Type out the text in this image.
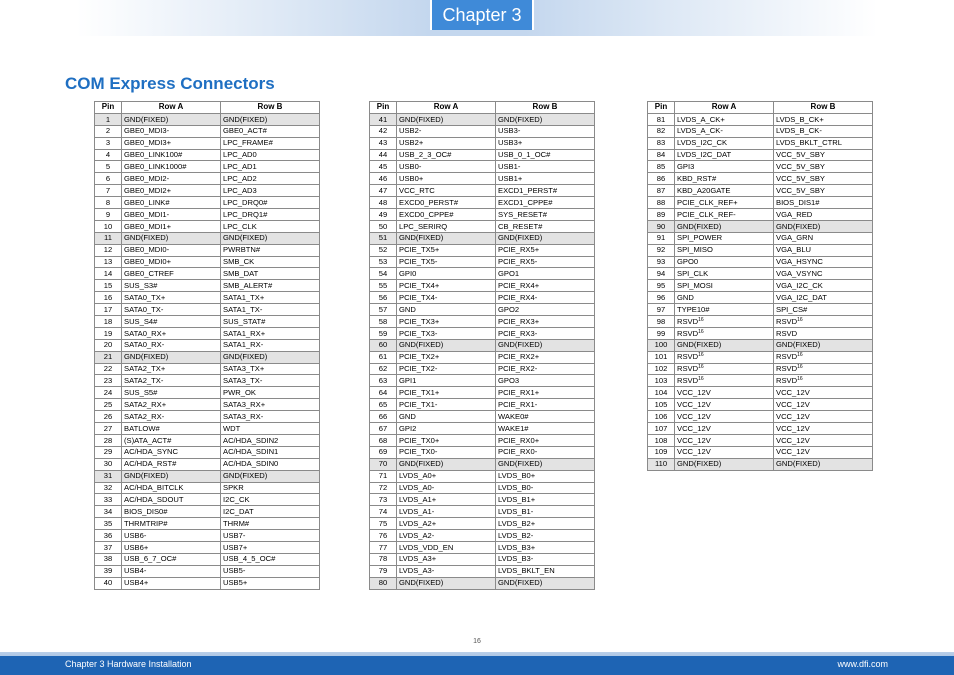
Chapter 3
COM Express Connectors
Pin	Row A	Row B
1	GND(FIXED)	GND(FIXED)
2	GBE0_MDI3-	GBE0_ACT#
3	GBE0_MDI3+	LPC_FRAME#
4	GBE0_LINK100#	LPC_AD0
5	GBE0_LINK1000#	LPC_AD1
6	GBE0_MDI2-	LPC_AD2
7	GBE0_MDI2+	LPC_AD3
8	GBE0_LINK#	LPC_DRQ0#
9	GBE0_MDI1-	LPC_DRQ1#
10	GBE0_MDI1+	LPC_CLK
11	GND(FIXED)	GND(FIXED)
12	GBE0_MDI0-	PWRBTN#
13	GBE0_MDI0+	SMB_CK
14	GBE0_CTREF	SMB_DAT
15	SUS_S3#	SMB_ALERT#
16	SATA0_TX+	SATA1_TX+
17	SATA0_TX-	SATA1_TX-
18	SUS_S4#	SUS_STAT#
19	SATA0_RX+	SATA1_RX+
20	SATA0_RX-	SATA1_RX-
21	GND(FIXED)	GND(FIXED)
22	SATA2_TX+	SATA3_TX+
23	SATA2_TX-	SATA3_TX-
24	SUS_S5#	PWR_OK
25	SATA2_RX+	SATA3_RX+
26	SATA2_RX-	SATA3_RX-
27	BATLOW#	WDT
28	(S)ATA_ACT#	AC/HDA_SDIN2
29	AC/HDA_SYNC	AC/HDA_SDIN1
30	AC/HDA_RST#	AC/HDA_SDIN0
31	GND(FIXED)	GND(FIXED)
32	AC/HDA_BITCLK	SPKR
33	AC/HDA_SDOUT	I2C_CK
34	BIOS_DIS0#	I2C_DAT
35	THRMTRIP#	THRM#
36	USB6-	USB7-
37	USB6+	USB7+
38	USB_6_7_OC#	USB_4_5_OC#
39	USB4-	USB5-
40	USB4+	USB5+
Pin	Row A	Row B
41	GND(FIXED)	GND(FIXED)
42	USB2-	USB3-
43	USB2+	USB3+
44	USB_2_3_OC#	USB_0_1_OC#
45	USB0-	USB1-
46	USB0+	USB1+
47	VCC_RTC	EXCD1_PERST#
48	EXCD0_PERST#	EXCD1_CPPE#
49	EXCD0_CPPE#	SYS_RESET#
50	LPC_SERIRQ	CB_RESET#
51	GND(FIXED)	GND(FIXED)
52	PCIE_TX5+	PCIE_RX5+
53	PCIE_TX5-	PCIE_RX5-
54	GPI0	GPO1
55	PCIE_TX4+	PCIE_RX4+
56	PCIE_TX4-	PCIE_RX4-
57	GND	GPO2
58	PCIE_TX3+	PCIE_RX3+
59	PCIE_TX3-	PCIE_RX3-
60	GND(FIXED)	GND(FIXED)
61	PCIE_TX2+	PCIE_RX2+
62	PCIE_TX2-	PCIE_RX2-
63	GPI1	GPO3
64	PCIE_TX1+	PCIE_RX1+
65	PCIE_TX1-	PCIE_RX1-
66	GND	WAKE0#
67	GPI2	WAKE1#
68	PCIE_TX0+	PCIE_RX0+
69	PCIE_TX0-	PCIE_RX0-
70	GND(FIXED)	GND(FIXED)
71	LVDS_A0+	LVDS_B0+
72	LVDS_A0-	LVDS_B0-
73	LVDS_A1+	LVDS_B1+
74	LVDS_A1-	LVDS_B1-
75	LVDS_A2+	LVDS_B2+
76	LVDS_A2-	LVDS_B2-
77	LVDS_VDD_EN	LVDS_B3+
78	LVDS_A3+	LVDS_B3-
79	LVDS_A3-	LVDS_BKLT_EN
80	GND(FIXED)	GND(FIXED)
Pin	Row A	Row B
81	LVDS_A_CK+	LVDS_B_CK+
82	LVDS_A_CK-	LVDS_B_CK-
83	LVDS_I2C_CK	LVDS_BKLT_CTRL
84	LVDS_I2C_DAT	VCC_5V_SBY
85	GPI3	VCC_5V_SBY
86	KBD_RST#	VCC_5V_SBY
87	KBD_A20GATE	VCC_5V_SBY
88	PCIE_CLK_REF+	BIOS_DIS1#
89	PCIE_CLK_REF-	VGA_RED
90	GND(FIXED)	GND(FIXED)
91	SPI_POWER	VGA_GRN
92	SPI_MISO	VGA_BLU
93	GPO0	VGA_HSYNC
94	SPI_CLK	VGA_VSYNC
95	SPI_MOSI	VGA_I2C_CK
96	GND	VGA_I2C_DAT
97	TYPE10#	SPI_CS#
98	RSVD$^{16}$	RSVD$^{16}$
99	RSVD$^{16}$	RSVD
100	GND(FIXED)	GND(FIXED)
101	RSVD$^{16}$	RSVD$^{16}$
102	RSVD$^{16}$	RSVD$^{16}$
103	RSVD$^{16}$	RSVD$^{16}$
104	VCC_12V	VCC_12V
105	VCC_12V	VCC_12V
106	VCC_12V	VCC_12V
107	VCC_12V	VCC_12V
108	VCC_12V	VCC_12V
109	VCC_12V	VCC_12V
110	GND(FIXED)	GND(FIXED)
16
Chapter 3 Hardware Installation	www.dfi.com
